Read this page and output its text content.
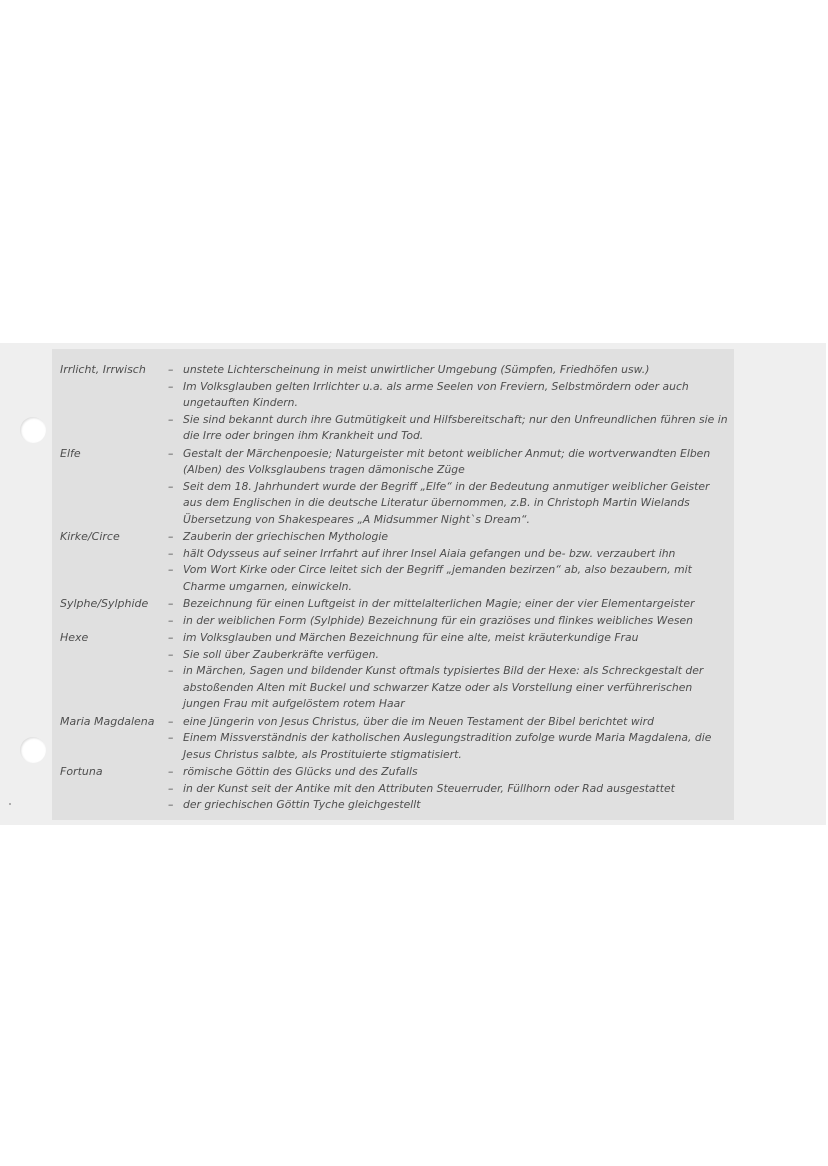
Irrlicht, Irrwisch	– unstete Lichterscheinung in meist unwirtlicher Umgebung (Sümpfen, Friedhöfen usw.)
– Im Volksglauben gelten Irrlichter u.a. als arme Seelen von Freviern, Selbstmördern oder auch ungetauften Kindern.
– Sie sind bekannt durch ihre Gutmütigkeit und Hilfsbereitschaft; nur den Unfreundlichen führen sie in die Irre oder bringen ihm Krankheit und Tod.
Elfe	– Gestalt der Märchenpoesie; Naturgeister mit betont weiblicher Anmut; die wortverwandten Elben (Alben) des Volksglaubens tragen dämonische Züge
– Seit dem 18. Jahrhundert wurde der Begriff „Elfe“ in der Bedeutung anmutiger weiblicher Geister aus dem Englischen in die deutsche Literatur übernommen, z.B. in Christoph Martin Wielands Übersetzung von Shakespeares „A Midsummer Night`s Dream“.
Kirke/Circe	– Zauberin der griechischen Mythologie
– hält Odysseus auf seiner Irrfahrt auf ihrer Insel Aiaia gefangen und be- bzw. verzaubert ihn
– Vom Wort Kirke oder Circe leitet sich der Begriff „jemanden bezirzen“ ab, also bezaubern, mit Charme umgarnen, einwickeln.
Sylphe/Sylphide	– Bezeichnung für einen Luftgeist in der mittelalterlichen Magie; einer der vier Elementargeister
– in der weiblichen Form (Sylphide) Bezeichnung für ein graziöses und flinkes weibliches Wesen
Hexe	– im Volksglauben und Märchen Bezeichnung für eine alte, meist kräuterkundige Frau
– Sie soll über Zauberkräfte verfügen.
– in Märchen, Sagen und bildender Kunst oftmals typisiertes Bild der Hexe: als Schreckgestalt der abstoßenden Alten mit Buckel und schwarzer Katze oder als Vorstellung einer verführerischen jungen Frau mit aufgelöstem rotem Haar
Maria Magdalena	– eine Jüngerin von Jesus Christus, über die im Neuen Testament der Bibel berichtet wird
– Einem Missverständnis der katholischen Auslegungstradition zufolge wurde Maria Magdalena, die Jesus Christus salbte, als Prostituierte stigmatisiert.
Fortuna	– römische Göttin des Glücks und des Zufalls
– in der Kunst seit der Antike mit den Attributen Steuerruder, Füllhorn oder Rad ausgestattet
– der griechischen Göttin Tyche gleichgestellt
